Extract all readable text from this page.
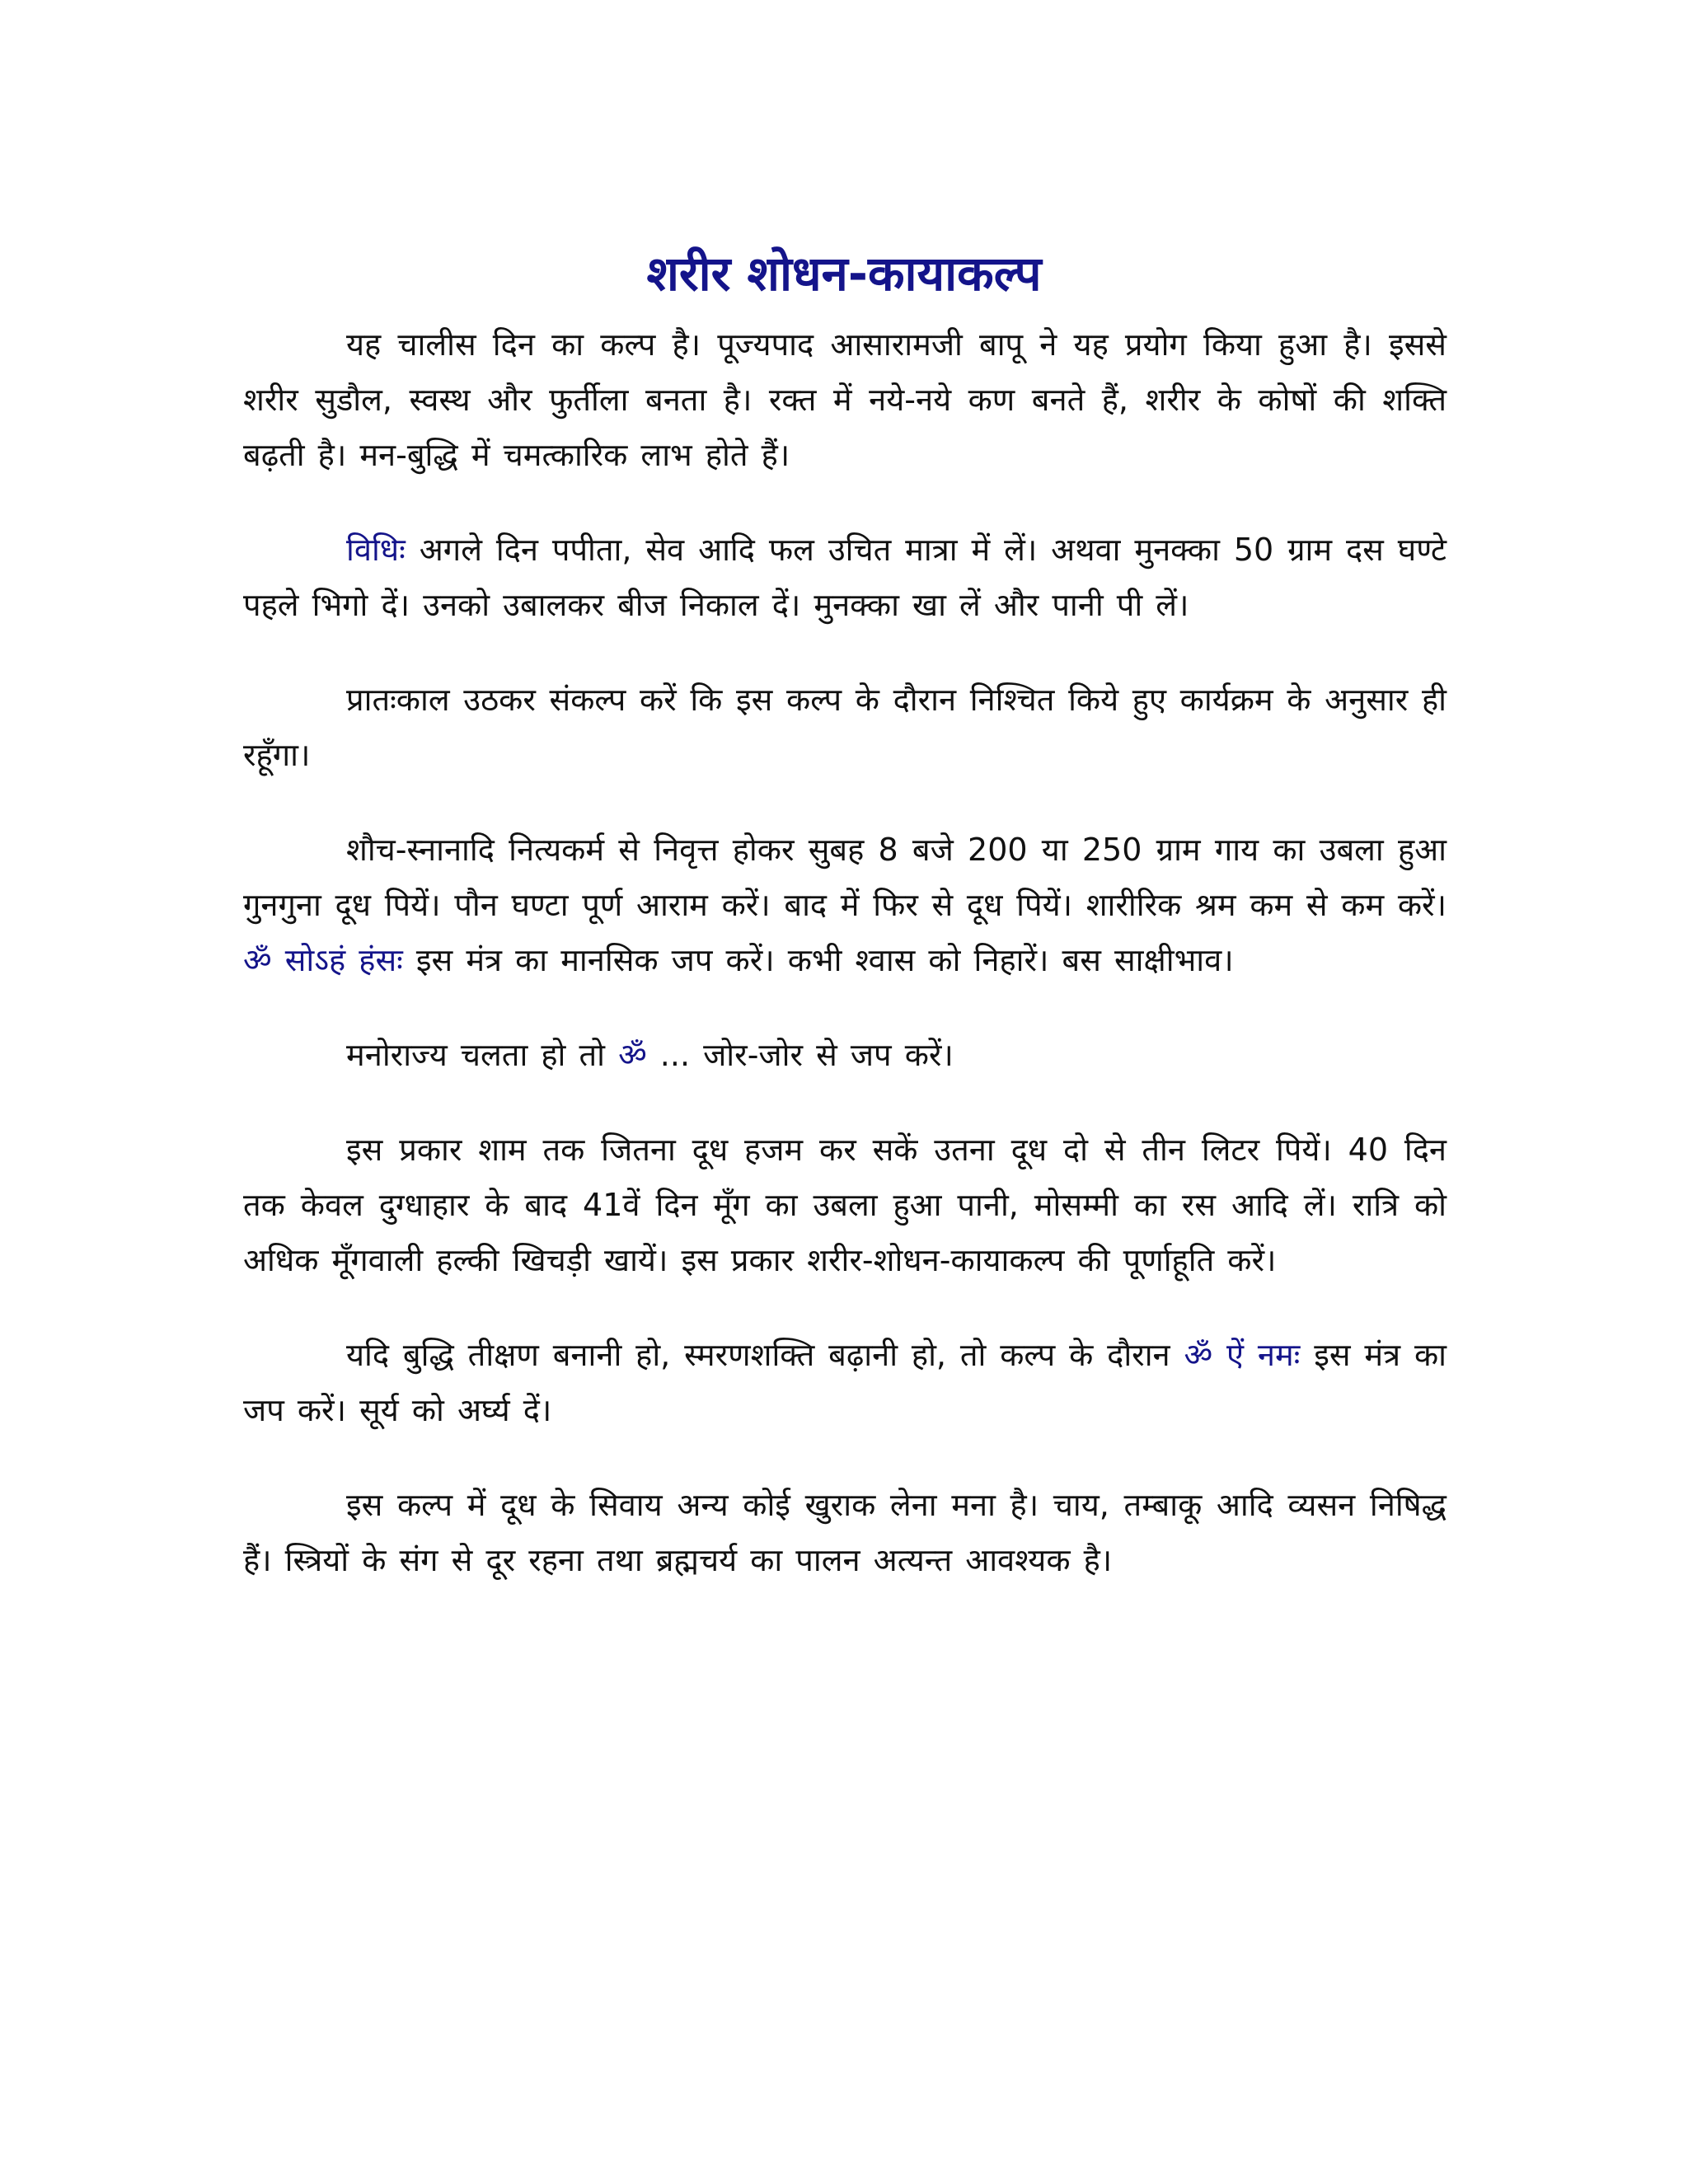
शरीर शोधन-कायाकल्प

यह चालीस दिन का कल्प है। पूज्यपाद आसारामजी बापू ने यह प्रयोग किया हुआ है। इससे शरीर सुडौल, स्वस्थ और फुर्तीला बनता है। रक्त में नये-नये कण बनते हैं, शरीर के कोषों की शक्ति बढ़ती है। मन-बुद्धि में चमत्कारिक लाभ होते हैं।

विधिः अगले दिन पपीता, सेव आदि फल उचित मात्रा में लें। अथवा मुनक्का 50 ग्राम दस घण्टे पहले भिगो दें। उनको उबालकर बीज निकाल दें। मुनक्का खा लें और पानी पी लें।

प्रातःकाल उठकर संकल्प करें कि इस कल्प के दौरान निश्चित किये हुए कार्यक्रम के अनुसार ही रहूँगा।

शौच-स्नानादि नित्यकर्म से निवृत्त होकर सुबह 8 बजे 200 या 250 ग्राम गाय का उबला हुआ गुनगुना दूध पियें। पौन घण्टा पूर्ण आराम करें। बाद में फिर से दूध पियें। शारीरिक श्रम कम से कम करें। ॐ सोऽहं हंसः इस मंत्र का मानसिक जप करें। कभी श्वास को निहारें। बस साक्षीभाव।

मनोराज्य चलता हो तो ॐ ... जोर-जोर से जप करें।

इस प्रकार शाम तक जितना दूध हजम कर सकें उतना दूध दो से तीन लिटर पियें। 40 दिन तक केवल दुग्धाहार के बाद 41वें दिन मूँग का उबला हुआ पानी, मोसम्मी का रस आदि लें। रात्रि को अधिक मूँगवाली हल्की खिचड़ी खायें। इस प्रकार शरीर-शोधन-कायाकल्प की पूर्णाहूति करें।

यदि बुद्धि तीक्षण बनानी हो, स्मरणशक्ति बढ़ानी हो, तो कल्प के दौरान ॐ ऐं नमः इस मंत्र का जप करें। सूर्य को अर्घ्य दें।

इस कल्प में दूध के सिवाय अन्य कोई खुराक लेना मना है। चाय, तम्बाकू आदि व्यसन निषिद्ध हैं। स्त्रियों के संग से दूर रहना तथा ब्रह्मचर्य का पालन अत्यन्त आवश्यक है।
